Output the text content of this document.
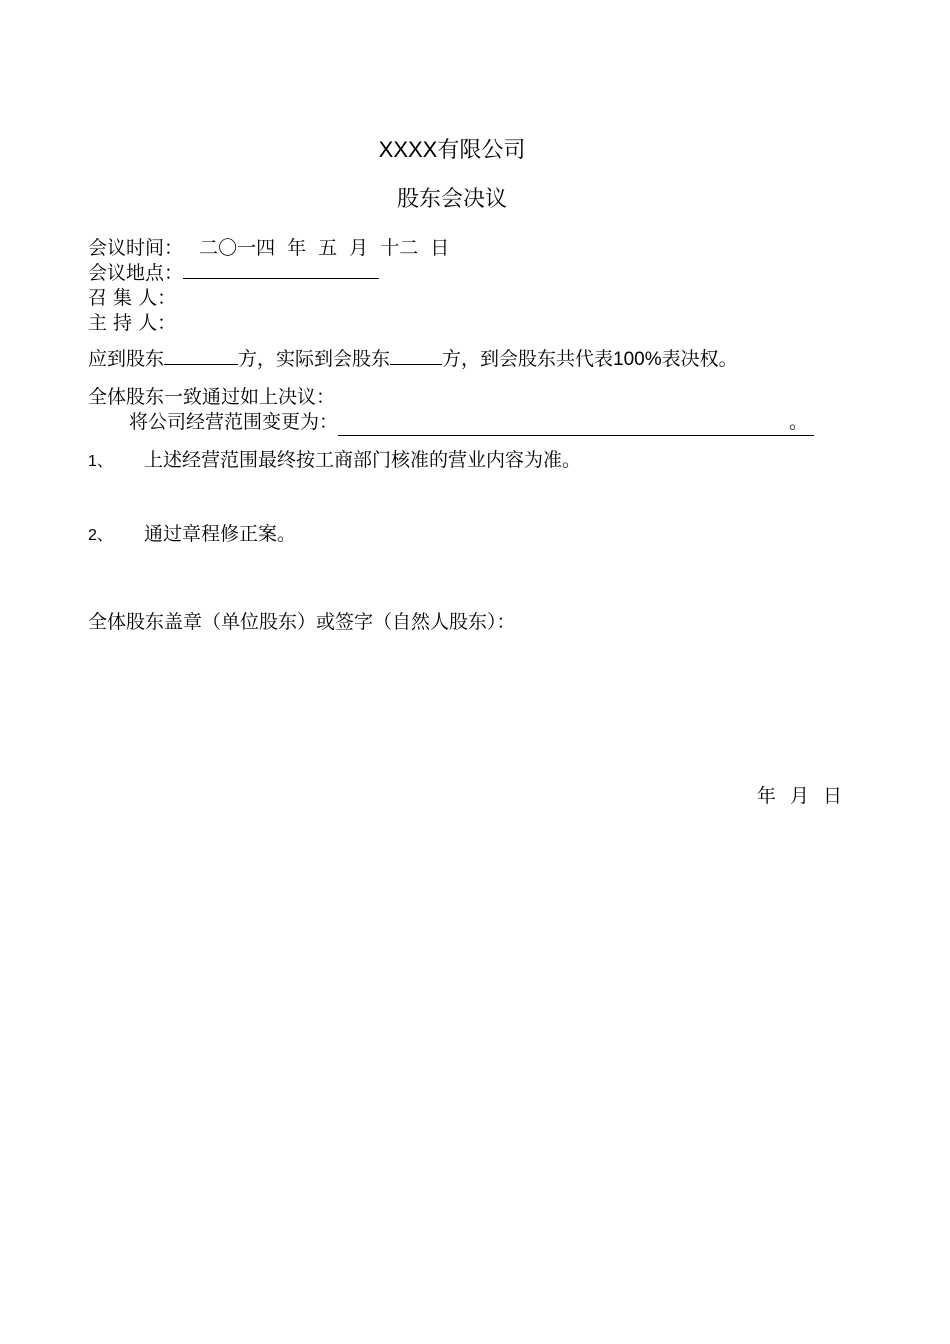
XXXX有限公司
股东会决议
会议时间： 二〇一四 年 五 月 十二 日
会议地点：
召 集 人：
主 持 人：
应到股东	方，实际到会股东	方，到会股东共代表100%表决权。
全体股东一致通过如上决议：
将公司经营范围变更为：	。
1、 上述经营范围最终按工商部门核准的营业内容为准。
2、 通过章程修正案。
全体股东盖章（单位股东）或签字（自然人股东）：
年 月 日
